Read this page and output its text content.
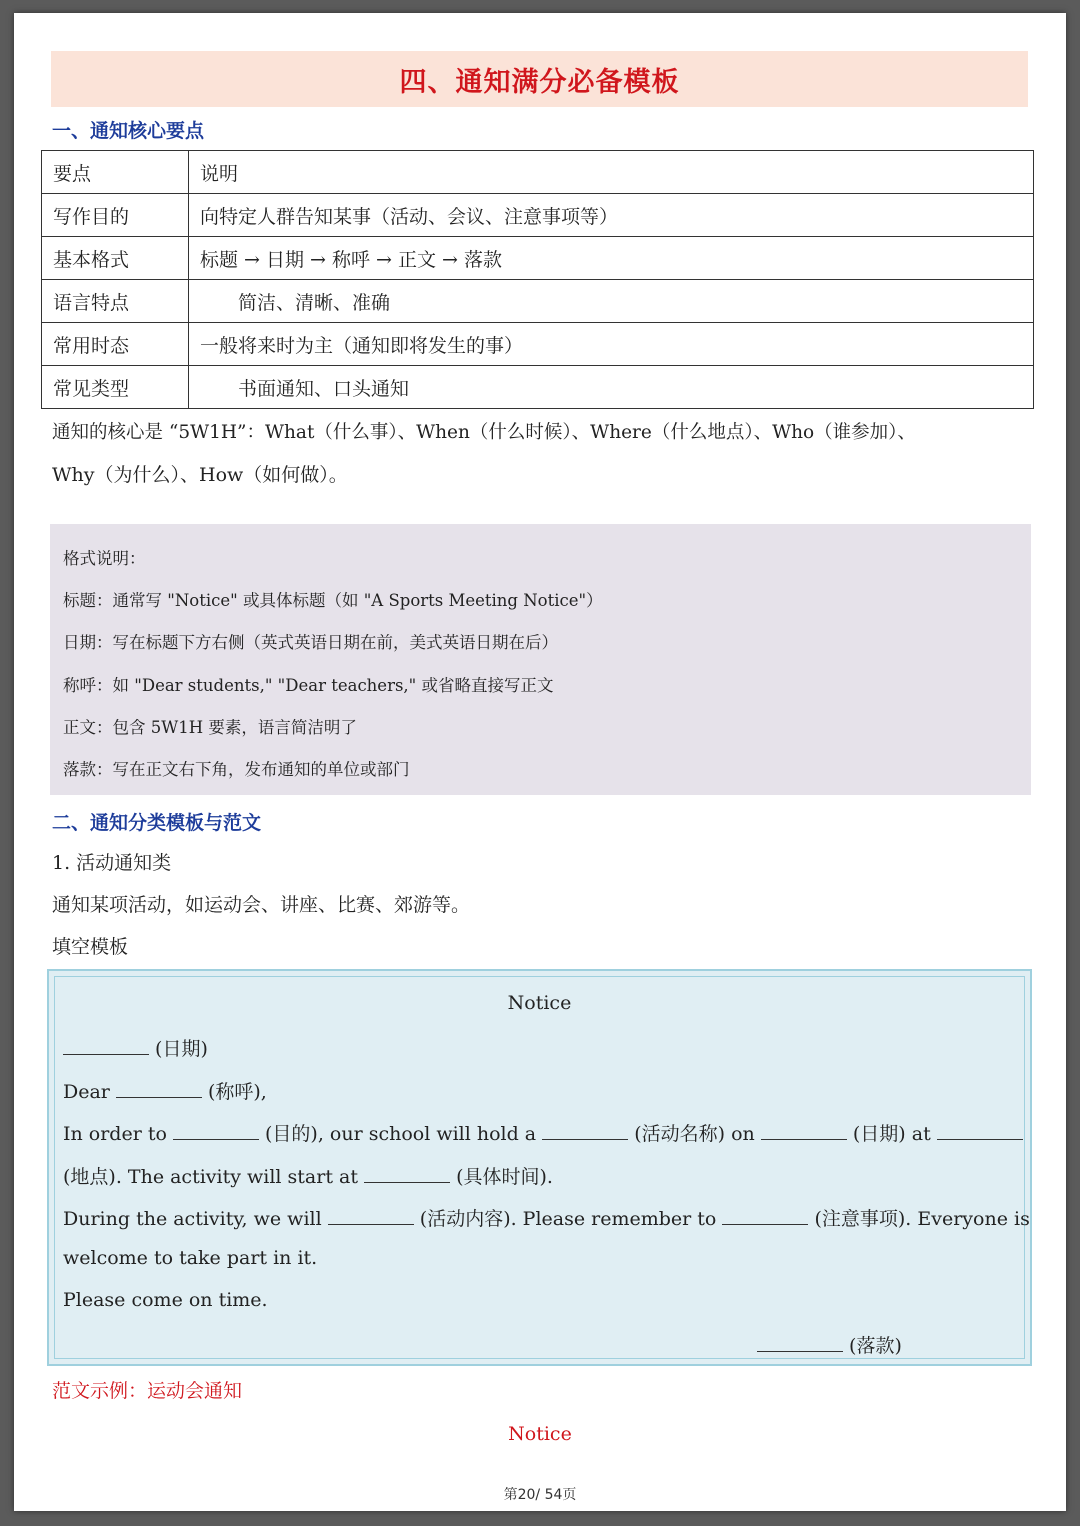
四、通知满分必备模板
一、通知核心要点
要点	说明
写作目的	向特定人群告知某事（活动、会议、注意事项等）
基本格式	标题 → 日期 → 称呼 → 正文 → 落款
语言特点	简洁、清晰、准确
常用时态	一般将来时为主（通知即将发生的事）
常见类型	书面通知、口头通知
通知的核心是 “5W1H”：What（什么事）、When（什么时候）、Where（什么地点）、Who（谁参加）、
Why（为什么）、How（如何做）。
格式说明：
标题：通常写 "Notice" 或具体标题（如 "A Sports Meeting Notice"）
日期：写在标题下方右侧（英式英语日期在前，美式英语日期在后）
称呼：如 "Dear students," "Dear teachers," 或省略直接写正文
正文：包含 5W1H 要素，语言简洁明了
落款：写在正文右下角，发布通知的单位或部门
二、通知分类模板与范文
1. 活动通知类
通知某项活动，如运动会、讲座、比赛、郊游等。
填空模板
Notice
(日期)
Dear	(称呼),
In order to	(目的), our school will hold a	(活动名称) on	(日期) at
(地点). The activity will start at	(具体时间).
During the activity, we will	(活动内容). Please remember to	(注意事项). Everyone is
welcome to take part in it.
Please come on time.
(落款)
范文示例：运动会通知
Notice
第20/ 54页
